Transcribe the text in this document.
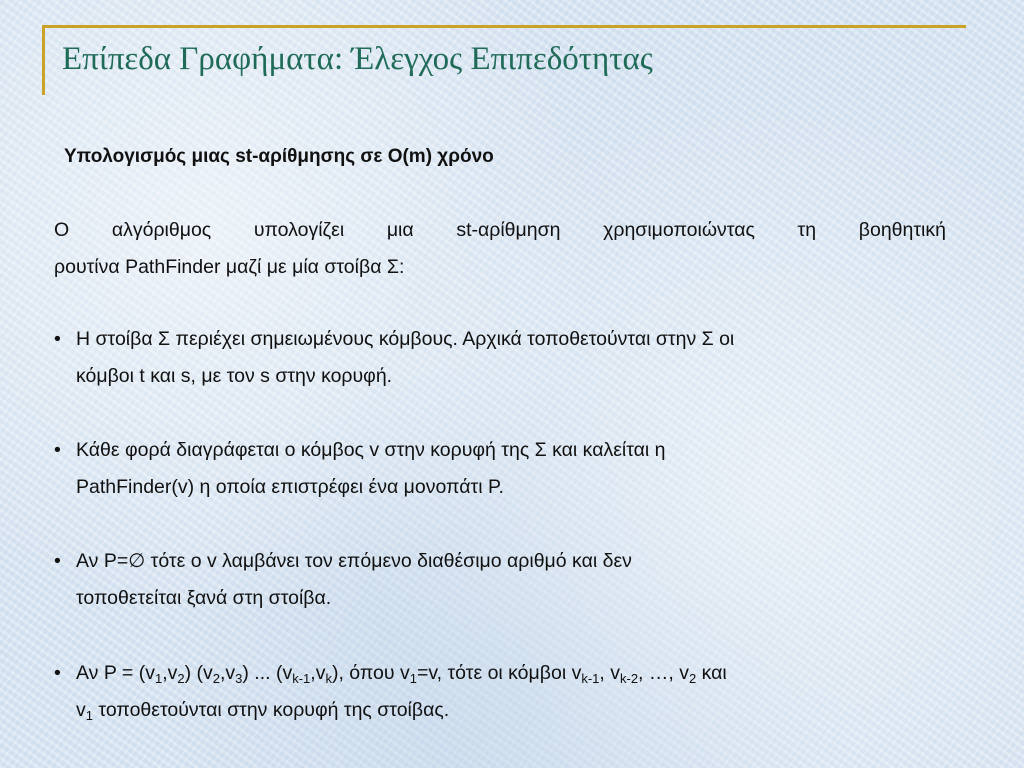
Επίπεδα Γραφήματα: Έλεγχος Επιπεδότητας

Υπολογισμός μιας st-αρίθμησης σε O(m) χρόνο

Ο αλγόριθμος υπολογίζει μια st-αρίθμηση χρησιμοποιώντας τη βοηθητική
ρουτίνα PathFinder μαζί με μία στοίβα Σ:

• Η στοίβα Σ περιέχει σημειωμένους κόμβους. Αρχικά τοποθετούνται στην Σ οι
κόμβοι t και s, με τον s στην κορυφή.
• Κάθε φορά διαγράφεται ο κόμβος v στην κορυφή της Σ και καλείται η
PathFinder(v) η οποία επιστρέφει ένα μονοπάτι P.
• Αν P=∅ τότε ο v λαμβάνει τον επόμενο διαθέσιμο αριθμό και δεν
τοποθετείται ξανά στη στοίβα.
• Αν $P = (v_1,v_2)$ $(v_2,v_3)$ ... $(v_{k-1},v_k)$, όπου $v_1=v$, τότε οι κόμβοι $v_{k-1}$, $v_{k-2}$, …, $v_2$ και
$v_1$ τοποθετούνται στην κορυφή της στοίβας.
